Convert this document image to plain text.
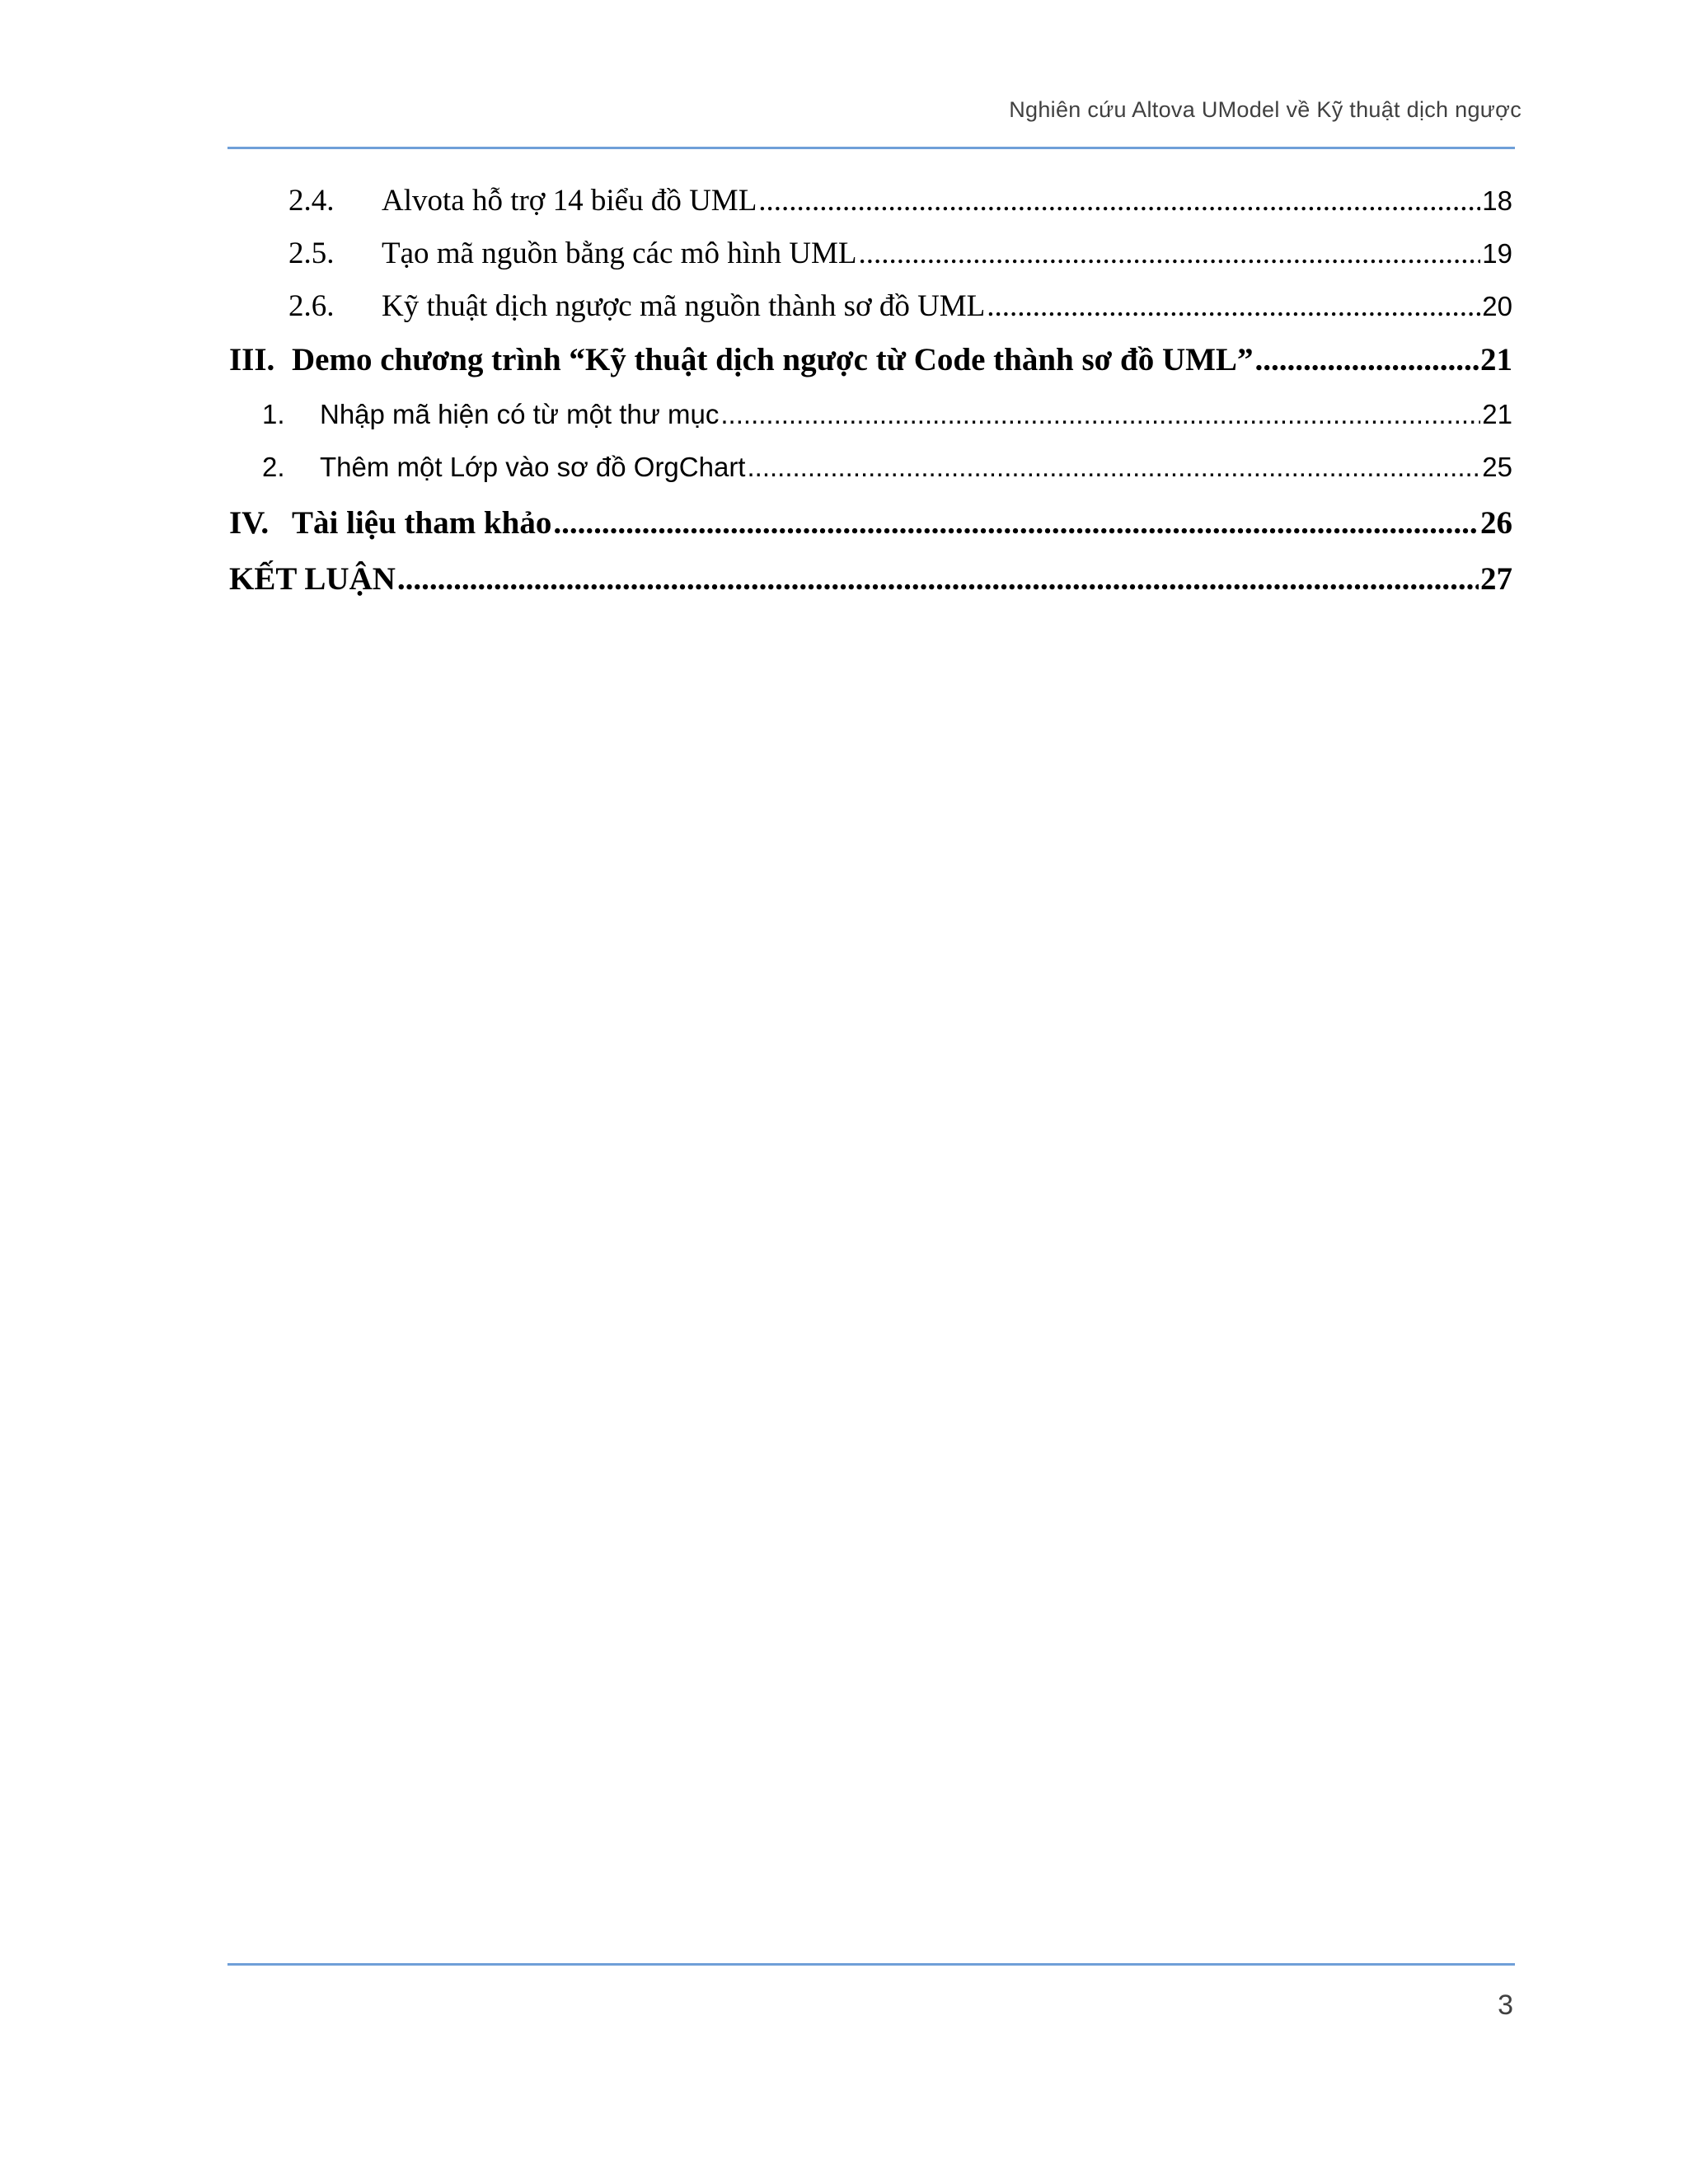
Nghiên cứu Altova UModel về Kỹ thuật dịch ngược
2.4.	Alvota hỗ trợ 14 biểu đồ UML .....	18
2.5.	Tạo mã nguồn bằng các mô hình UML .....	19
2.6.	Kỹ thuật dịch ngược mã nguồn thành sơ đồ UML .....	20
III. Demo chương trình “Kỹ thuật dịch ngược từ Code thành sơ đồ UML” .....	21
1.	Nhập mã hiện có từ một thư mục .....	21
2.	Thêm một Lớp vào sơ đồ OrgChart .....	25
IV. Tài liệu tham khảo .....	26
KẾT LUẬN .....	27
3
